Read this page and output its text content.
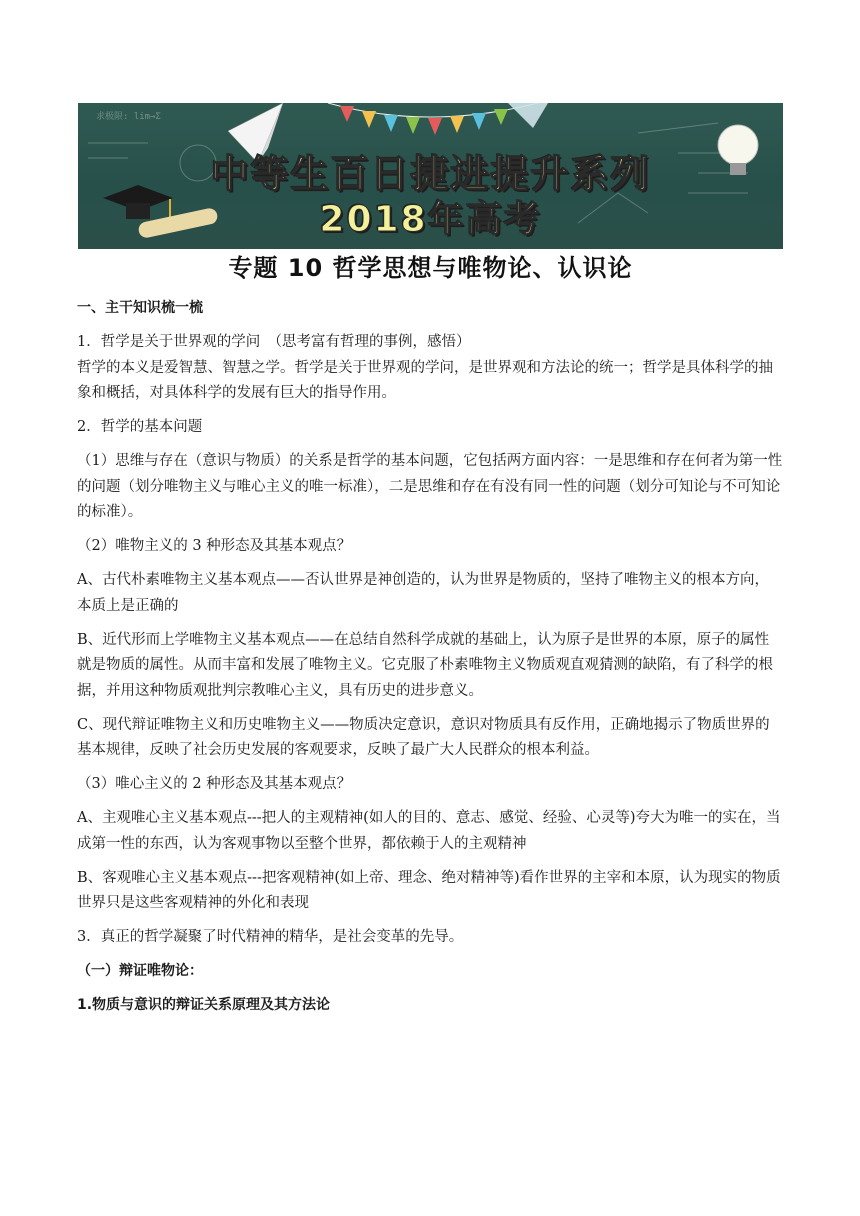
求极限: lim→Σ
中等生百日捷进提升系列
2018年高考
专题 10 哲学思想与唯物论、认识论

一、主干知识梳一梳

1．哲学是关于世界观的学问　（思考富有哲理的事例，感悟）

哲学的本义是爱智慧、智慧之学。哲学是关于世界观的学问，是世界观和方法论的统一；哲学是具体科学的抽象和概括，对具体科学的发展有巨大的指导作用。

2．哲学的基本问题

（1）思维与存在（意识与物质）的关系是哲学的基本问题，它包括两方面内容：一是思维和存在何者为第一性的问题（划分唯物主义与唯心主义的唯一标准），二是思维和存在有没有同一性的问题（划分可知论与不可知论的标准）。

（2）唯物主义的 3 种形态及其基本观点？

A、古代朴素唯物主义基本观点——否认世界是神创造的，认为世界是物质的，坚持了唯物主义的根本方向，本质上是正确的

B、近代形而上学唯物主义基本观点——在总结自然科学成就的基础上，认为原子是世界的本原，原子的属性就是物质的属性。从而丰富和发展了唯物主义。它克服了朴素唯物主义物质观直观猜测的缺陷，有了科学的根据，并用这种物质观批判宗教唯心主义，具有历史的进步意义。

C、现代辩证唯物主义和历史唯物主义——物质决定意识，意识对物质具有反作用，正确地揭示了物质世界的基本规律，反映了社会历史发展的客观要求，反映了最广大人民群众的根本利益。

（3）唯心主义的 2 种形态及其基本观点？

A、主观唯心主义基本观点---把人的主观精神(如人的目的、意志、感觉、经验、心灵等)夸大为唯一的实在，当成第一性的东西，认为客观事物以至整个世界，都依赖于人的主观精神

B、客观唯心主义基本观点---把客观精神(如上帝、理念、绝对精神等)看作世界的主宰和本原，认为现实的物质世界只是这些客观精神的外化和表现

3．真正的哲学凝聚了时代精神的精华，是社会变革的先导。

（一）辩证唯物论：

1.物质与意识的辩证关系原理及其方法论
